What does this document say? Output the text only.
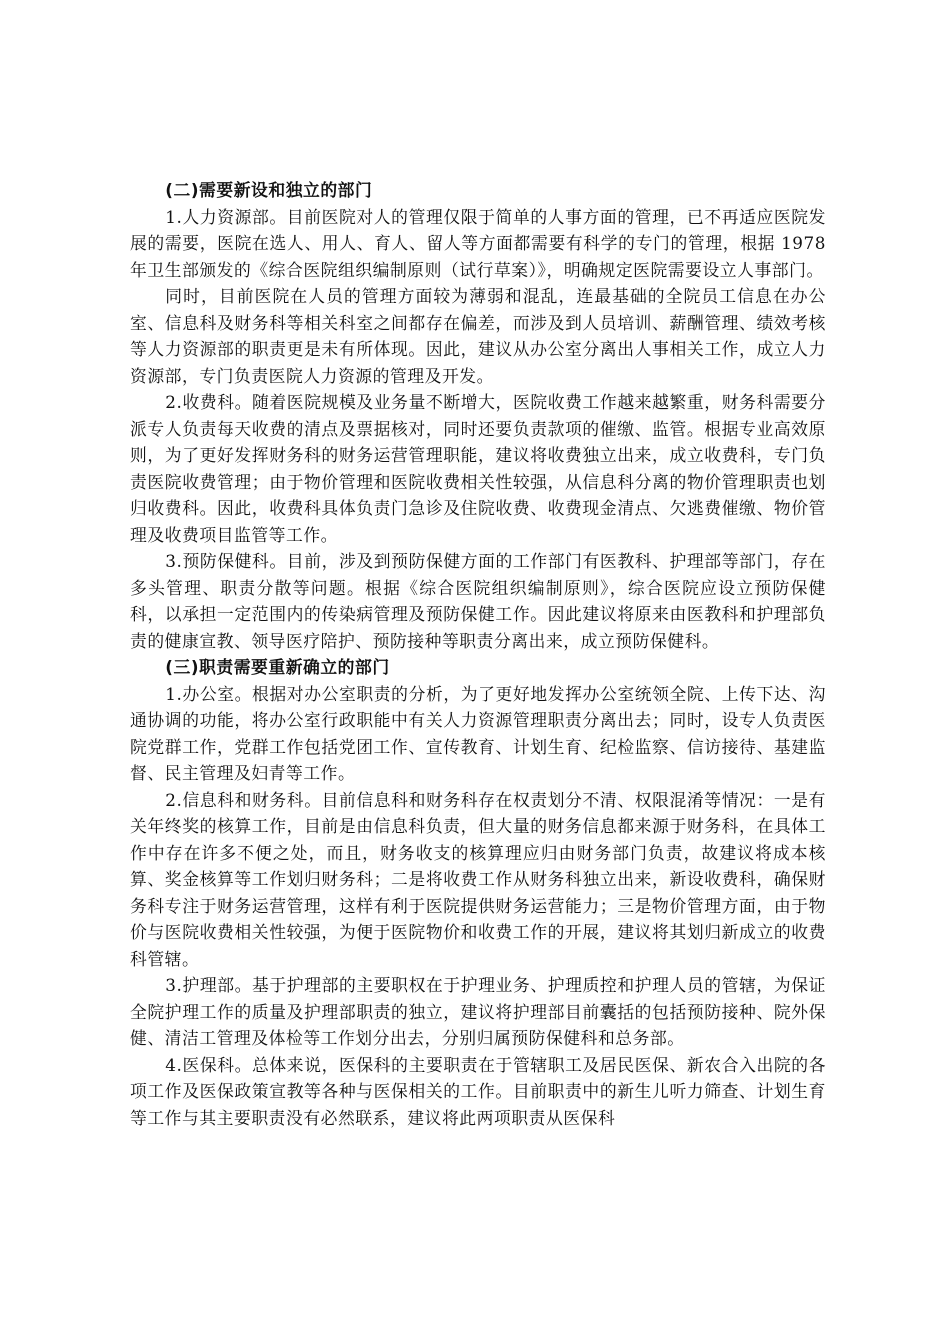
(二)需要新设和独立的部门

1.人力资源部。目前医院对人的管理仅限于简单的人事方面的管理，已不再适应医院发展的需要，医院在选人、用人、育人、留人等方面都需要有科学的专门的管理，根据 1978 年卫生部颁发的《综合医院组织编制原则（试行草案）》，明确规定医院需要设立人事部门。

同时，目前医院在人员的管理方面较为薄弱和混乱，连最基础的全院员工信息在办公室、信息科及财务科等相关科室之间都存在偏差，而涉及到人员培训、薪酬管理、绩效考核等人力资源部的职责更是未有所体现。因此，建议从办公室分离出人事相关工作，成立人力资源部，专门负责医院人力资源的管理及开发。

2.收费科。随着医院规模及业务量不断增大，医院收费工作越来越繁重，财务科需要分派专人负责每天收费的清点及票据核对，同时还要负责款项的催缴、监管。根据专业高效原则，为了更好发挥财务科的财务运营管理职能，建议将收费独立出来，成立收费科，专门负责医院收费管理；由于物价管理和医院收费相关性较强，从信息科分离的物价管理职责也划归收费科。因此，收费科具体负责门急诊及住院收费、收费现金清点、欠逃费催缴、物价管理及收费项目监管等工作。

3.预防保健科。目前，涉及到预防保健方面的工作部门有医教科、护理部等部门，存在多头管理、职责分散等问题。根据《综合医院组织编制原则》，综合医院应设立预防保健科，以承担一定范围内的传染病管理及预防保健工作。因此建议将原来由医教科和护理部负责的健康宣教、领导医疗陪护、预防接种等职责分离出来，成立预防保健科。

(三)职责需要重新确立的部门

1.办公室。根据对办公室职责的分析，为了更好地发挥办公室统领全院、上传下达、沟通协调的功能，将办公室行政职能中有关人力资源管理职责分离出去；同时，设专人负责医院党群工作，党群工作包括党团工作、宣传教育、计划生育、纪检监察、信访接待、基建监督、民主管理及妇青等工作。

2.信息科和财务科。目前信息科和财务科存在权责划分不清、权限混淆等情况：一是有关年终奖的核算工作，目前是由信息科负责，但大量的财务信息都来源于财务科，在具体工作中存在许多不便之处，而且，财务收支的核算理应归由财务部门负责，故建议将成本核算、奖金核算等工作划归财务科；二是将收费工作从财务科独立出来，新设收费科，确保财务科专注于财务运营管理，这样有利于医院提供财务运营能力；三是物价管理方面，由于物价与医院收费相关性较强，为便于医院物价和收费工作的开展，建议将其划归新成立的收费科管辖。

3.护理部。基于护理部的主要职权在于护理业务、护理质控和护理人员的管辖，为保证全院护理工作的质量及护理部职责的独立，建议将护理部目前囊括的包括预防接种、院外保健、清洁工管理及体检等工作划分出去，分别归属预防保健科和总务部。

4.医保科。总体来说，医保科的主要职责在于管辖职工及居民医保、新农合入出院的各项工作及医保政策宣教等各种与医保相关的工作。目前职责中的新生儿听力筛查、计划生育等工作与其主要职责没有必然联系，建议将此两项职责从医保科
